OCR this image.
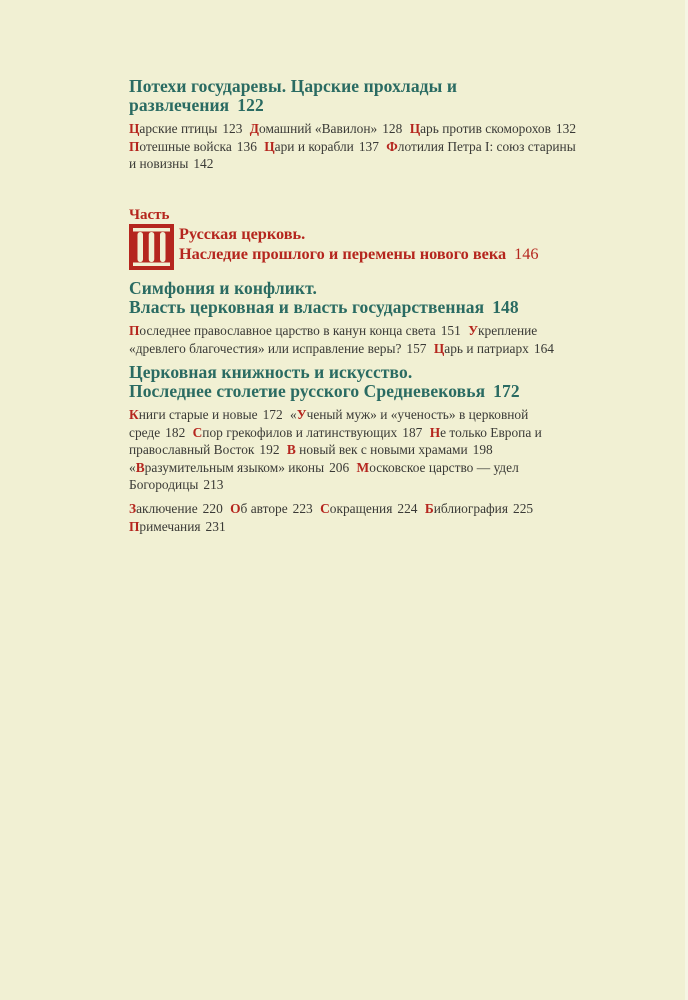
Потехи государевы. Царские прохлады и развлечения 122
Царские птицы 123 Домашний «Вавилон» 128 Царь против скоморохов 132 Потешные войска 136 Цари и корабли 137 Флотилия Петра I: союз старины и новизны 142
Часть
Русская церковь.
Наследие прошлого и перемены нового века 146
Симфония и конфликт.
Власть церковная и власть государственная 148
Последнее православное царство в канун конца света 151 Укрепление «древлего благочестия» или исправление веры? 157 Царь и патриарх 164
Церковная книжность и искусство.
Последнее столетие русского Средневековья 172
Книги старые и новые 172 «Ученый муж» и «ученость» в церковной среде 182 Спор грекофилов и латинствующих 187 Не только Европа и православный Восток 192 В новый век с новыми храмами 198 «Вразумительным языком» иконы 206 Московское царство — удел Богородицы 213
Заключение 220 Об авторе 223 Сокращения 224 Библиография 225
Примечания 231
